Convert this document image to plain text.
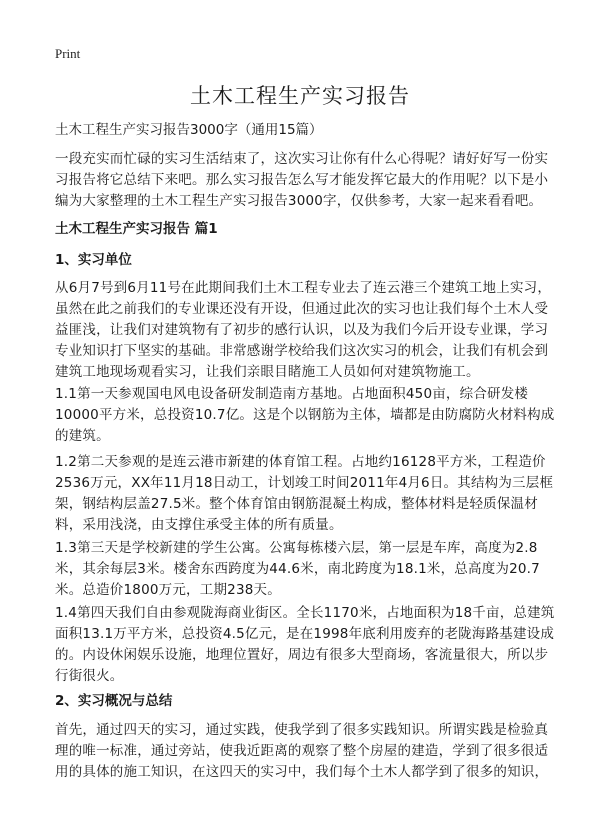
Print
土木工程生产实习报告
土木工程生产实习报告3000字（通用15篇）

一段充实而忙碌的实习生活结束了，这次实习让你有什么心得呢？请好好写一份实习报告将它总结下来吧。那么实习报告怎么写才能发挥它最大的作用呢？以下是小编为大家整理的土木工程生产实习报告3000字，仅供参考，大家一起来看看吧。

土木工程生产实习报告 篇1
1、实习单位

从6月7号到6月11号在此期间我们土木工程专业去了连云港三个建筑工地上实习，虽然在此之前我们的专业课还没有开设，但通过此次的实习也让我们每个土木人受益匪浅，让我们对建筑物有了初步的感行认识，以及为我们今后开设专业课，学习专业知识打下坚实的基础。非常感谢学校给我们这次实习的机会，让我们有机会到建筑工地现场观看实习，让我们亲眼目睹施工人员如何对建筑物施工。

1.1第一天参观国电风电设备研发制造南方基地。占地面积450亩，综合研发楼10000平方米，总投资10.7亿。这是个以钢筋为主体，墙都是由防腐防火材料构成的建筑。

1.2第二天参观的是连云港市新建的体育馆工程。占地约16128平方米，工程造价2536万元，XX年11月18日动工，计划竣工时间2011年4月6日。其结构为三层框架，钢结构层盖27.5米。整个体育馆由钢筋混凝土构成，整体材料是轻质保温材料，采用浅浇，由支撑住承受主体的所有质量。

1.3第三天是学校新建的学生公寓。公寓每栋楼六层，第一层是车库，高度为2.8米，其余每层3米。楼舍东西跨度为44.6米，南北跨度为18.1米，总高度为20.7米。总造价1800万元，工期238天。

1.4第四天我们自由参观陇海商业街区。全长1170米，占地面积为18千亩，总建筑面积13.1万平方米，总投资4.5亿元，是在1998年底利用废弃的老陇海路基建设成的。内设休闲娱乐设施，地理位置好，周边有很多大型商场，客流量很大，所以步行街很火。

2、实习概况与总结

首先，通过四天的实习，通过实践，使我学到了很多实践知识。所谓实践是检验真理的唯一标准，通过旁站，使我近距离的观察了整个房屋的建造，学到了很多很适用的具体的施工知识，在这四天的实习中，我们每个土木人都学到了很多的知识，
